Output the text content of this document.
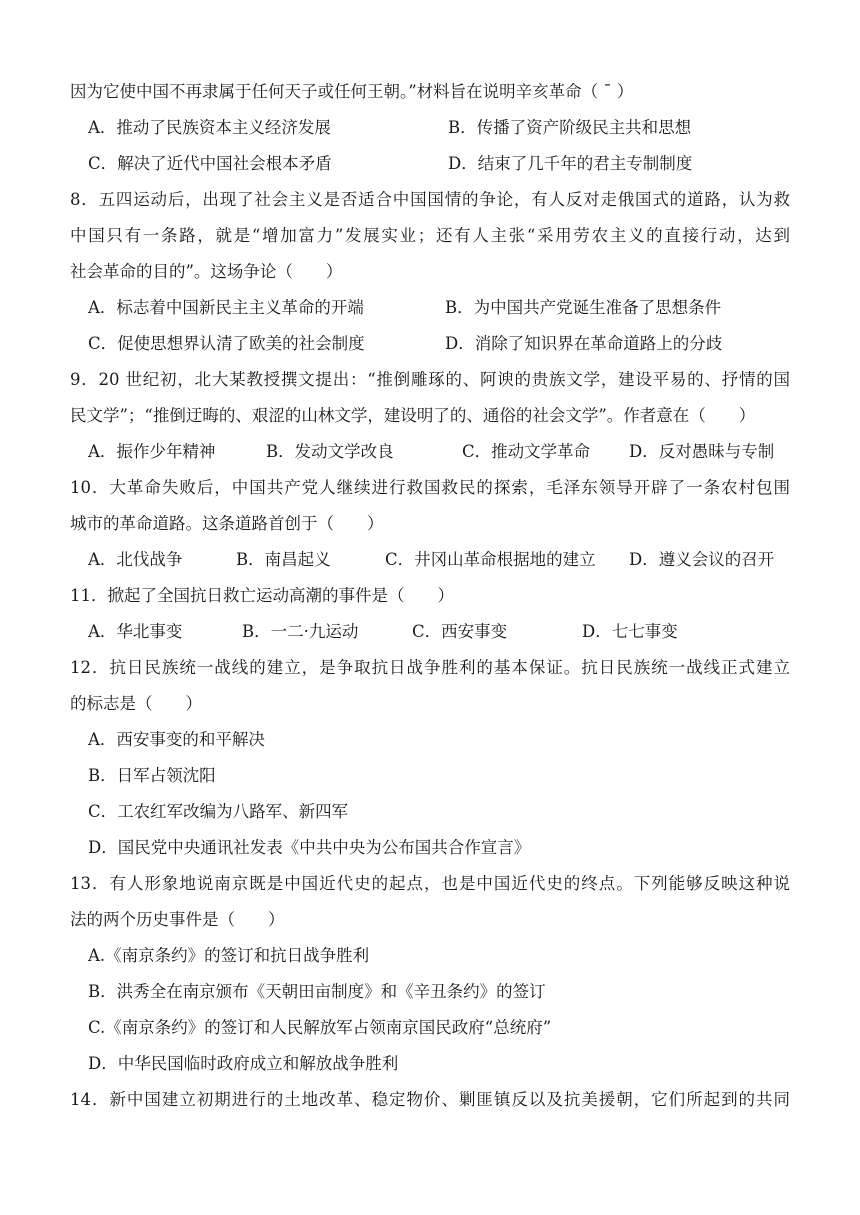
因为它使中国不再隶属于任何天子或任何王朝。”材料旨在说明辛亥革命（ ˉ ）
A．推动了民族资本主义经济发展	B．传播了资产阶级民主共和思想
C．解决了近代中国社会根本矛盾	D．结束了几千年的君主专制制度
8．五四运动后，出现了社会主义是否适合中国国情的争论，有人反对走俄国式的道路，认为救
中国只有一条路，就是“增加富力”发展实业；还有人主张“采用劳农主义的直接行动，达到
社会革命的目的”。这场争论（　　）
A．标志着中国新民主主义革命的开端	B．为中国共产党诞生准备了思想条件
C．促使思想界认清了欧美的社会制度	D．消除了知识界在革命道路上的分歧
9．20 世纪初，北大某教授撰文提出：“推倒雕琢的、阿谀的贵族文学，建设平易的、抒情的国
民文学”；“推倒迂晦的、艰涩的山林文学，建设明了的、通俗的社会文学”。作者意在（　　）
A．振作少年精神	B．发动文学改良	C．推动文学革命 D．反对愚昧与专制
10．大革命失败后，中国共产党人继续进行救国救民的探索，毛泽东领导开辟了一条农村包围
城市的革命道路。这条道路首创于（　　）
A．北伐战争	B．南昌起义	C．井冈山革命根据地的建立 D．遵义会议的召开
11．掀起了全国抗日救亡运动高潮的事件是（　　）
A．华北事变	B．一二·九运动	C．西安事变	D．七七事变
12．抗日民族统一战线的建立，是争取抗日战争胜利的基本保证。抗日民族统一战线正式建立
的标志是（　　）
A．西安事变的和平解决
B．日军占领沈阳
C．工农红军改编为八路军、新四军
D．国民党中央通讯社发表《中共中央为公布国共合作宣言》
13．有人形象地说南京既是中国近代史的起点，也是中国近代史的终点。下列能够反映这种说
法的两个历史事件是（　　）
A.《南京条约》的签订和抗日战争胜利
B．洪秀全在南京颁布《天朝田亩制度》和《辛丑条约》的签订
C.《南京条约》的签订和人民解放军占领南京国民政府“总统府”
D．中华民国临时政府成立和解放战争胜利
14．新中国建立初期进行的土地改革、稳定物价、剿匪镇反以及抗美援朝，它们所起到的共同
